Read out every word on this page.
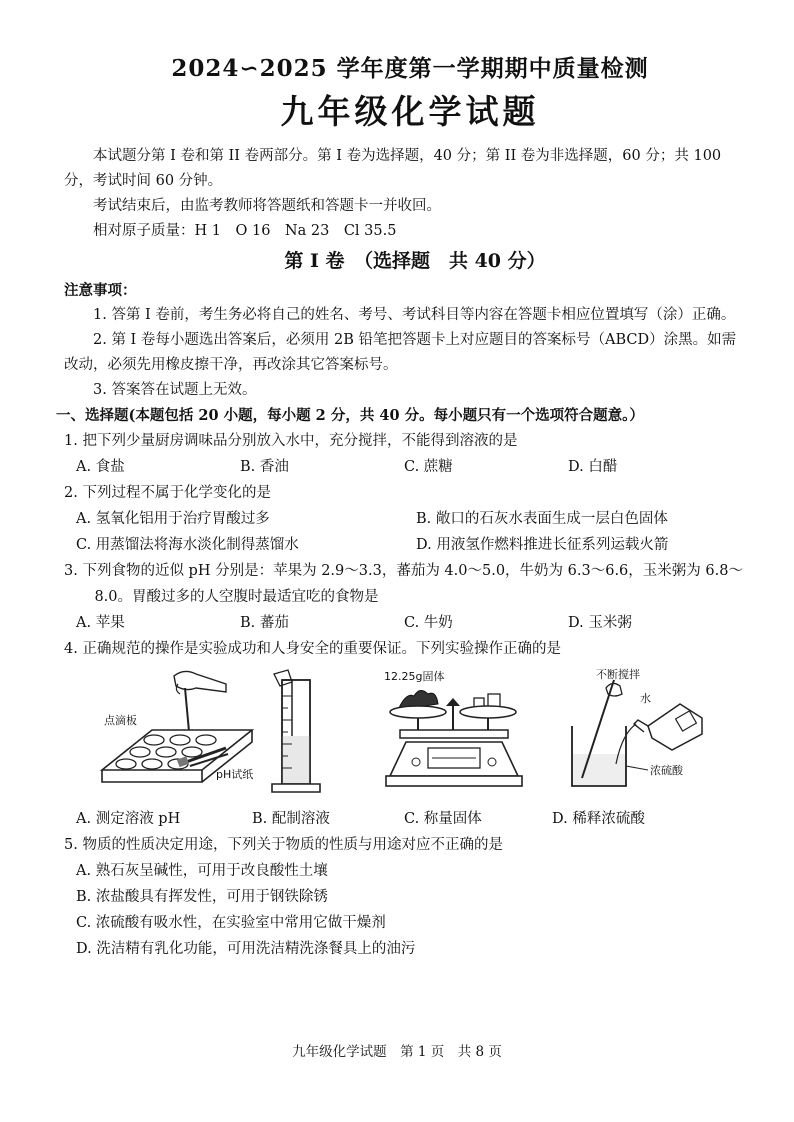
2024∽2025 学年度第一学期期中质量检测
九年级化学试题
本试题分第 I 卷和第 II 卷两部分。第 I 卷为选择题，40 分；第 II 卷为非选择题，60 分；共 100 分，考试时间 60 分钟。
考试结束后，由监考教师将答题纸和答题卡一并收回。
相对原子质量：H 1　O 16　Na 23　Cl 35.5
第 I 卷　（选择题　共 40 分）
注意事项：
1. 答第 I 卷前，考生务必将自己的姓名、考号、考试科目等内容在答题卡相应位置填写（涂）正确。
2. 第 I 卷每小题选出答案后，必须用 2B 铅笔把答题卡上对应题目的答案标号（ABCD）涂黑。如需改动，必须先用橡皮擦干净，再改涂其它答案标号。
3. 答案答在试题上无效。
一、选择题(本题包括 20 小题，每小题 2 分，共 40 分。每小题只有一个选项符合题意。）
1. 把下列少量厨房调味品分别放入水中，充分搅拌，不能得到溶液的是
A. 食盐	B. 香油	C. 蔗糖	D. 白醋
2. 下列过程不属于化学变化的是
A. 氢氧化铝用于治疗胃酸过多	B. 敞口的石灰水表面生成一层白色固体
C. 用蒸馏法将海水淡化制得蒸馏水	D. 用液氢作燃料推进长征系列运载火箭
3. 下列食物的近似 pH 分别是：苹果为 2.9～3.3，蕃茄为 4.0～5.0，牛奶为 6.3～6.6，玉米粥为 6.8～8.0。胃酸过多的人空腹时最适宜吃的食物是
A. 苹果	B. 蕃茄	C. 牛奶	D. 玉米粥
4. 正确规范的操作是实验成功和人身安全的重要保证。下列实验操作正确的是
点滴板
pH试纸
12.25g固体	不断搅拌
水
浓硫酸
A. 测定溶液 pH	B. 配制溶液	C. 称量固体	D. 稀释浓硫酸
5. 物质的性质决定用途，下列关于物质的性质与用途对应不正确的是
A. 熟石灰呈碱性，可用于改良酸性土壤
B. 浓盐酸具有挥发性，可用于钢铁除锈
C. 浓硫酸有吸水性，在实验室中常用它做干燥剂
D. 洗洁精有乳化功能，可用洗洁精洗涤餐具上的油污
九年级化学试题　第 1 页　共 8 页
